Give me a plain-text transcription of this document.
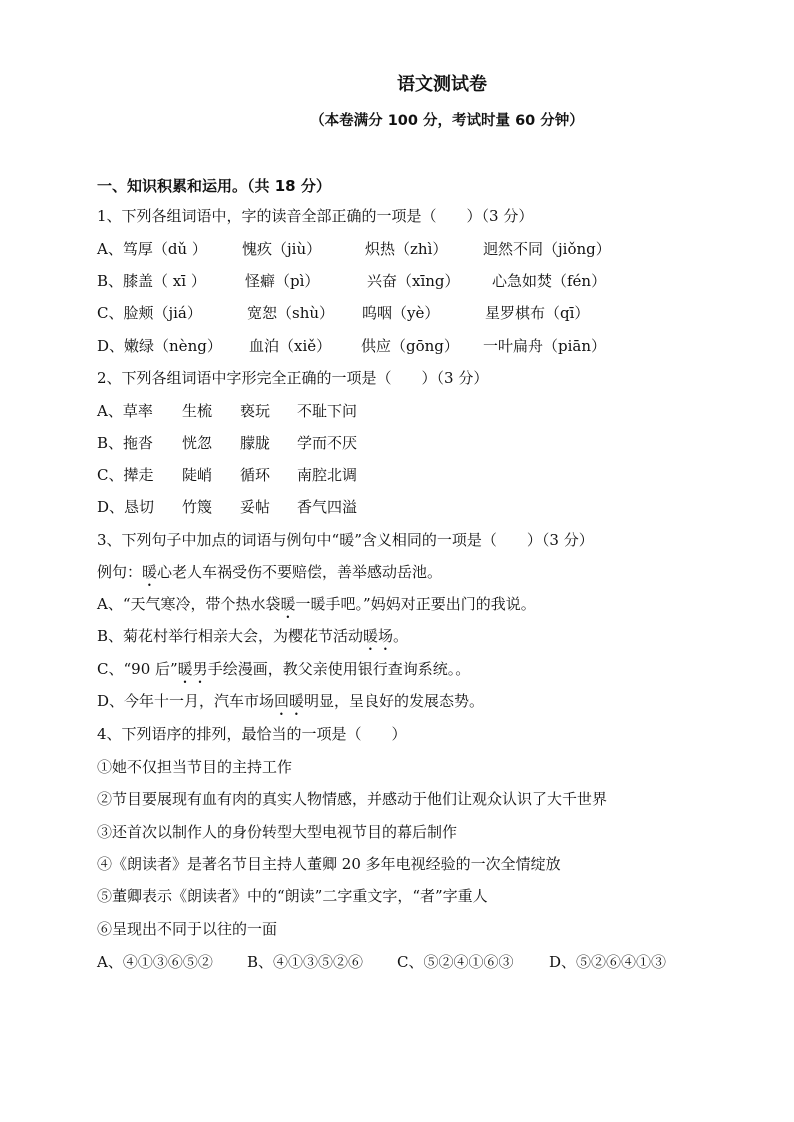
语文测试卷
（本卷满分 100 分，考试时量 60 分钟）
一、知识积累和运用。（共 18 分）
1、下列各组词语中，字的读音全部正确的一项是（　　）（3 分）
A、笃厚（dǔ ） 愧疚（jiù）	炽热（zhì） 迥然不同（jiǒng）
B、膝盖（ xī ）	怪癖（pì）	兴奋（xīng） 心急如焚（fén）
C、脸颊（jiá）	宽恕（shù） 呜咽（yè）	星罗棋布（qī）
D、嫩绿（nèng） 血泊（xiě） 供应（gōng） 一叶扁舟（piān）
2、下列各组词语中字形完全正确的一项是（　　）（3 分）
A、草率 生梳 亵玩 不耻下问
B、拖沓 恍忽 朦胧 学而不厌
C、撵走 陡峭 循环 南腔北调
D、恳切 竹篾 妥帖 香气四溢
3、下列句子中加点的词语与例句中“暖”含义相同的一项是（　　）（3 分）
例句：暖心老人车祸受伤不要赔偿，善举感动岳池。
A、“天气寒冷，带个热水袋暖一暖手吧。”妈妈对正要出门的我说。
B、菊花村举行相亲大会，为樱花节活动暖场。
C、“90 后”暖男手绘漫画，教父亲使用银行查询系统。。
D、今年十一月，汽车市场回暖明显，呈良好的发展态势。
4、下列语序的排列，最恰当的一项是（　　）
①她不仅担当节目的主持工作
②节目要展现有血有肉的真实人物情感，并感动于他们让观众认识了大千世界
③还首次以制作人的身份转型大型电视节目的幕后制作
④《朗读者》是著名节目主持人董卿 20 多年电视经验的一次全情绽放
⑤董卿表示《朗读者》中的“朗读”二字重文字，“者”字重人
⑥呈现出不同于以往的一面
A、④①③⑥⑤② B、④①③⑤②⑥ C、⑤②④①⑥③ D、⑤②⑥④①③
